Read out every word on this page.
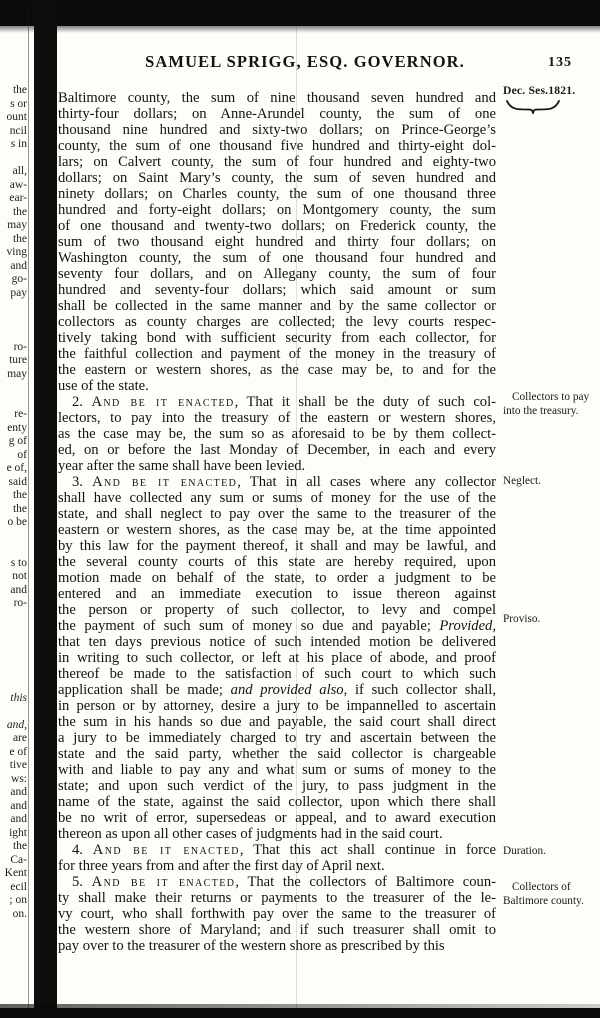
the
s or
ount
ncil
s in
all,
aw-
ear-
the
may
the
ving
and
go-
pay
ro-
ture
may
re-
enty
g of
of
e of,
said
the
the
o be
s to
not
and
ro-
this
and,
are
e of
tive
ws:
and
and
and
ight
the
Ca-
Kent
ecil
; on
on.
SAMUEL SPRIGG, ESQ. GOVERNOR.	135
Baltimore county, the sum of nine thousand seven hundred and
thirty-four dollars; on Anne-Arundel county, the sum of one
thousand nine hundred and sixty-two dollars; on Prince-George’s
county, the sum of one thousand five hundred and thirty-eight dol-
lars; on Calvert county, the sum of four hundred and eighty-two
dollars; on Saint Mary’s county, the sum of seven hundred and
ninety dollars; on Charles county, the sum of one thousand three
hundred and forty-eight dollars; on Montgomery county, the sum
of one thousand and twenty-two dollars; on Frederick county, the
sum of two thousand eight hundred and thirty four dollars; on
Washington county, the sum of one thousand four hundred and
seventy four dollars, and on Allegany county, the sum of four
hundred and seventy-four dollars; which said amount or sum
shall be collected in the same manner and by the same collector or
collectors as county charges are collected; the levy courts respec-
tively taking bond with sufficient security from each collector, for
the faithful collection and payment of the money in the treasury of
the eastern or western shores, as the case may be, to and for the
use of the state.
2. And be it enacted, That it shall be the duty of such col-
lectors, to pay into the treasury of the eastern or western shores,
as the case may be, the sum so as aforesaid to be by them collect-
ed, on or before the last Monday of December, in each and every
year after the same shall have been levied.
3. And be it enacted, That in all cases where any collector
shall have collected any sum or sums of money for the use of the
state, and shall neglect to pay over the same to the treasurer of the
eastern or western shores, as the case may be, at the time appointed
by this law for the payment thereof, it shall and may be lawful, and
the several county courts of this state are hereby required, upon
motion made on behalf of the state, to order a judgment to be
entered and an immediate execution to issue thereon against
the person or property of such collector, to levy and compel
the payment of such sum of money so due and payable; Provided,
that ten days previous notice of such intended motion be delivered
in writing to such collector, or left at his place of abode, and proof
thereof be made to the satisfaction of such court to which such
application shall be made; and provided also, if such collector shall,
in person or by attorney, desire a jury to be impannelled to ascertain
the sum in his hands so due and payable, the said court shall direct
a jury to be immediately charged to try and ascertain between the
state and the said party, whether the said collector is chargeable
with and liable to pay any and what sum or sums of money to the
state; and upon such verdict of the jury, to pass judgment in the
name of the state, against the said collector, upon which there shall
be no writ of error, supersedeas or appeal, and to award execution
thereon as upon all other cases of judgments had in the said court.
4. And be it enacted, That this act shall continue in force
for three years from and after the first day of April next.
5. And be it enacted, That the collectors of Baltimore coun-
ty shall make their returns or payments to the treasurer of the le-
vy court, who shall forthwith pay over the same to the treasurer of
the western shore of Maryland; and if such treasurer shall omit to
pay over to the treasurer of the western shore as prescribed by this
Dec. Ses.1821.
Collectors to pay into the treasury.
Neglect.
Proviso.
Duration.
Collectors of Baltimore county.
